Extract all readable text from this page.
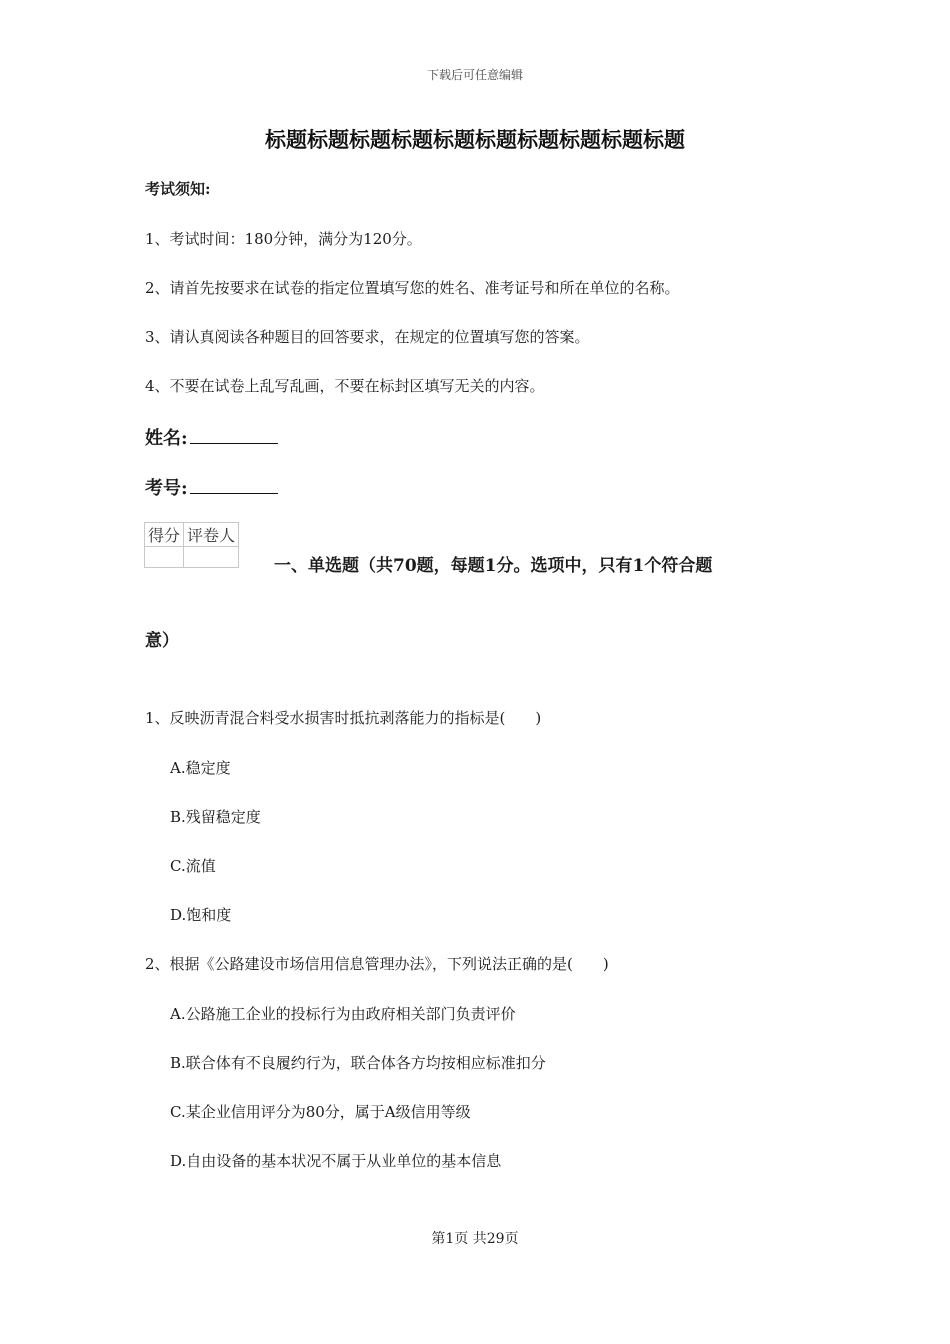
下载后可任意编辑
标题标题标题标题标题标题标题标题标题标题
考试须知:
1、考试时间：180分钟，满分为120分。
2、请首先按要求在试卷的指定位置填写您的姓名、准考证号和所在单位的名称。
3、请认真阅读各种题目的回答要求，在规定的位置填写您的答案。
4、不要在试卷上乱写乱画，不要在标封区填写无关的内容。
姓名:
考号:
得分	评卷人

一、单选题（共70题，每题1分。选项中，只有1个符合题
意）
1、反映沥青混合料受水损害时抵抗剥落能力的指标是(　　)
A.稳定度
B.残留稳定度
C.流值
D.饱和度
2、根据《公路建设市场信用信息管理办法》，下列说法正确的是(　　)
A.公路施工企业的投标行为由政府相关部门负责评价
B.联合体有不良履约行为，联合体各方均按相应标准扣分
C.某企业信用评分为80分，属于A级信用等级
D.自由设备的基本状况不属于从业单位的基本信息
第1页 共29页
